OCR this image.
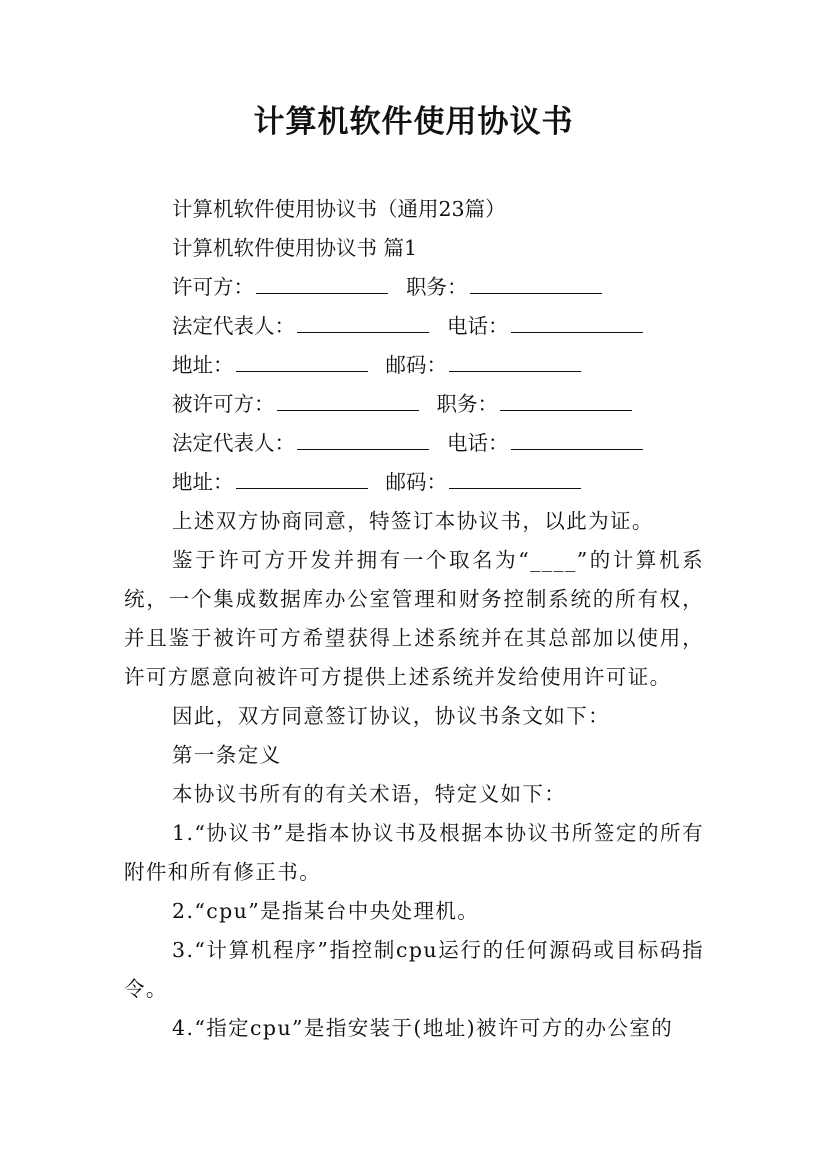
计算机软件使用协议书
计算机软件使用协议书（通用23篇）
计算机软件使用协议书 篇1
许可方：	职务：
法定代表人：	电话：
地址：	邮码：
被许可方：	职务：
法定代表人：	电话：
地址：	邮码：
上述双方协商同意，特签订本协议书，以此为证。
鉴于许可方开发并拥有一个取名为“____”的计算机系统，一个集成数据库办公室管理和财务控制系统的所有权，并且鉴于被许可方希望获得上述系统并在其总部加以使用，许可方愿意向被许可方提供上述系统并发给使用许可证。
因此，双方同意签订协议，协议书条文如下：
第一条定义
本协议书所有的有关术语，特定义如下：
1.“协议书”是指本协议书及根据本协议书所签定的所有附件和所有修正书。
2.“cpu”是指某台中央处理机。
3.“计算机程序”指控制cpu运行的任何源码或目标码指令。
4.“指定cpu”是指安装于(地址)被许可方的办公室的
